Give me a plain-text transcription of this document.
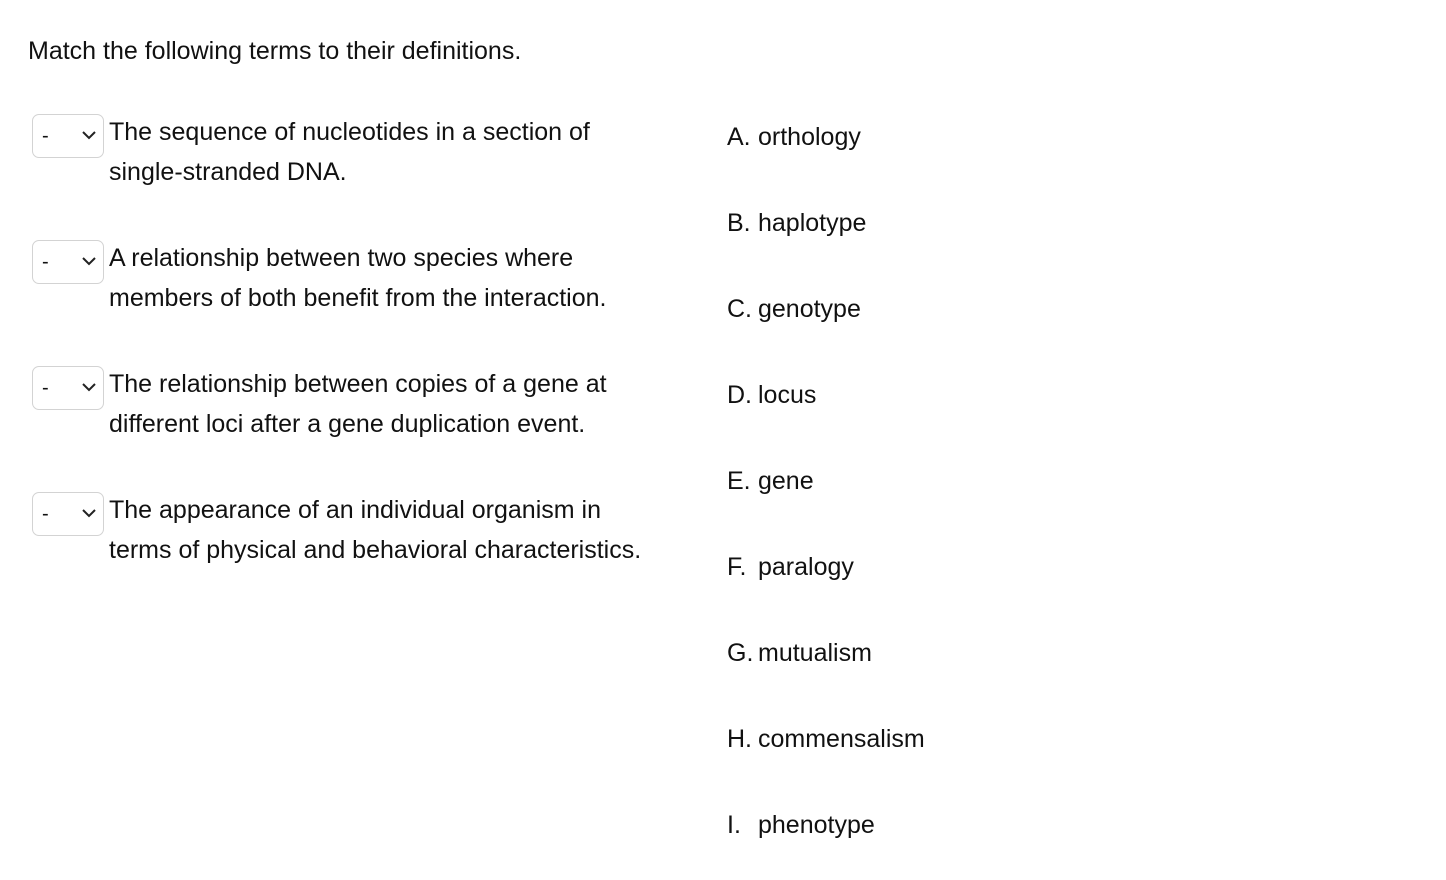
Match the following terms to their definitions.
- The sequence of nucleotides in a section of
single-stranded DNA.
- A relationship between two species where
members of both benefit from the interaction.
- The relationship between copies of a gene at
different loci after a gene duplication event.
- The appearance of an individual organism in
terms of physical and behavioral characteristics.
A. orthology
B. haplotype
C. genotype
D. locus
E. gene
F. paralogy
G. mutualism
H. commensalism
I. phenotype
